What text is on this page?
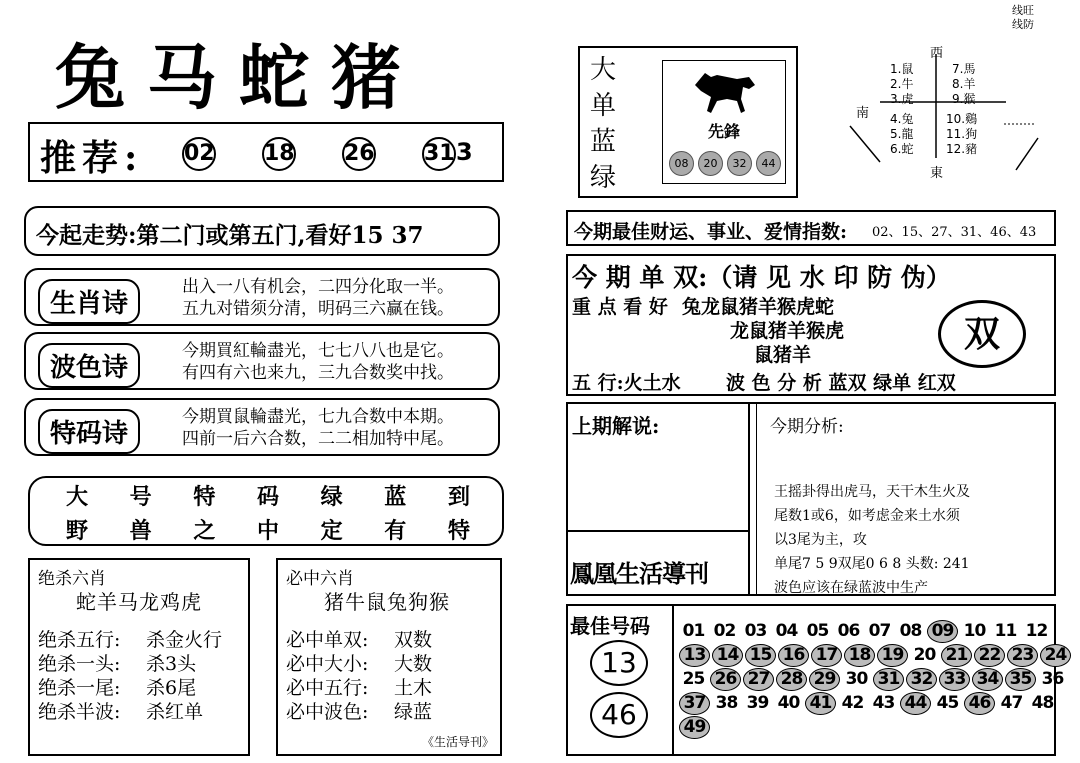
兔马蛇猪
推荐: 02 18 26 313
今起走势:第二门或第五门,看好15 37
生肖诗
出入一八有机会，二四分化取一半。
五九对错须分清，明码三六赢在钱。
波色诗
今期買紅輪盡光，七七八八也是它。
有四有六也来九，三九合数奖中找。
特码诗
今期買鼠輪盡光，七九合数中本期。
四前一后六合数，二二相加特中尾。
大 号 特 码 绿 蓝 到
野 兽 之 中 定 有 特
绝杀六肖
蛇羊马龙鸡虎
绝杀五行:	杀金火行
绝杀一头:	杀3头
绝杀一尾:	杀6尾
绝杀半波:	杀红单
必中六肖
猪牛鼠兔狗猴
必中单双:	双数
必中大小:	大数
必中五行:	土木
必中波色:	绿蓝
《生活导刊》
大
单
蓝
绿
先鋒
08 20 32 44
线旺
线防
西
南
東
1.鼠
2.牛
3.虎
4.兔
5.龍
6.蛇
7.馬
8.羊
9.猴
10.鷄
11.狗
12.豬
今期最佳财运、事业、爱情指数: 02、15、27、31、46、43
今 期 单 双:（请 见 水 印 防 伪）
重 点 看 好 兔龙鼠猪羊猴虎蛇
龙鼠猪羊猴虎
鼠猪羊	双
五 行:火土水 波 色 分 析 蓝双 绿单 红双
上期解说:
鳳凰生活導刊
今期分析:
王摇卦得出虎马，天干木生火及
尾数1或6，如考虑金来土水须
以3尾为主，攻
单尾7 5 9双尾0 6 8 头数: 241
波色应该在绿蓝波中生产
最佳号码
13
46
01 02 03 04 05 06 07 08 09 10 11 12
13 14 15 16 17 18 19 20 21 22 23 24
25 26 27 28 29 30 31 32 33 34 35 36
37 38 39 40 41 42 43 44 45 46 47 48
49
